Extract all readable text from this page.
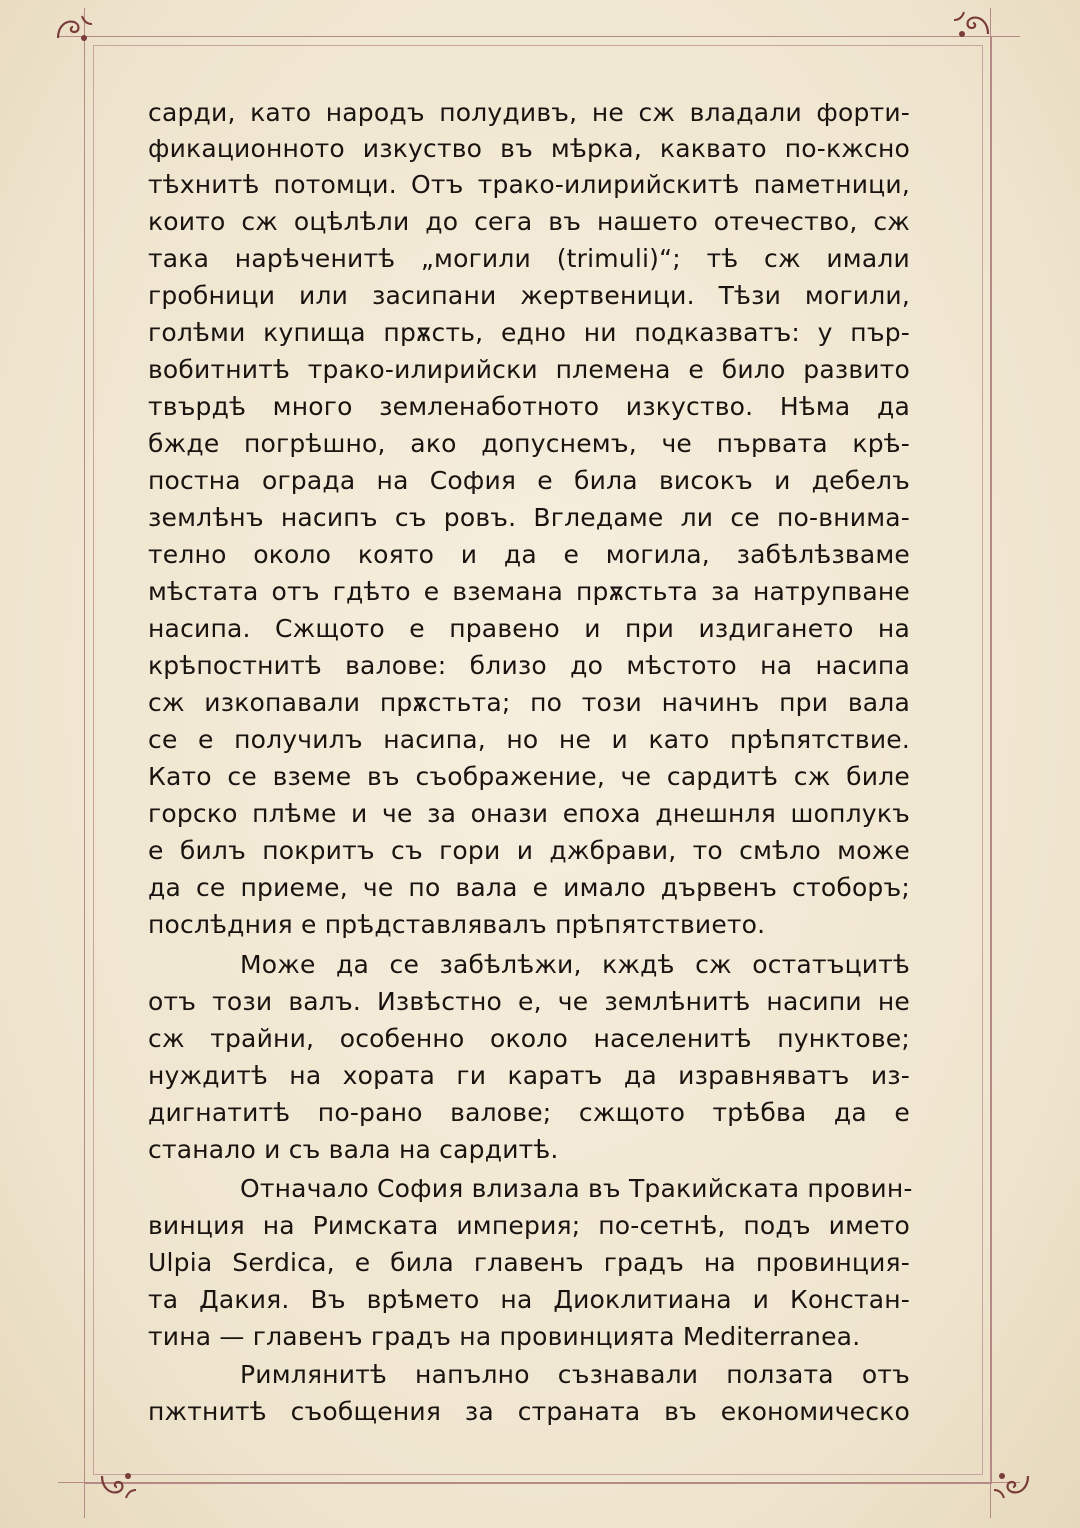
сарди, като народъ полудивъ, не сж владали форти-
фикационното изкуство въ мѣрка, каквато по-кжсно
тѣхнитѣ потомци. Отъ трако-илирийскитѣ паметници,
които сж оцѣлѣли до сега въ нашето отечество, сж
така нарѣченитѣ „могили (trimuli)“; тѣ сж имали
гробници или засипани жертвеници. Тѣзи могили,
голѣми купища прѫсть, едно ни подказватъ: у пър-
вобитнитѣ трако-илирийски племена е било развито
твърдѣ много земленаботното изкуство. Нѣма да
бжде погрѣшно, ако допуснемъ, че първата крѣ-
постна ограда на София е била високъ и дебелъ
землѣнъ насипъ съ ровъ. Вгледаме ли се по-внима-
телно около която и да е могила, забѣлѣзваме
мѣстата отъ гдѣто е вземана прѫстьта за натрупване
насипа. Сжщото е правено и при издигането на
крѣпостнитѣ валове: близо до мѣстото на насипа
сж изкопавали прѫстьта; по този начинъ при вала
се е получилъ насипа, но не и като прѣпятствие.
Като се вземе въ съображение, че сардитѣ сж биле
горско плѣме и че за онази епоха днешнля шоплукъ
е билъ покритъ съ гори и джбрави, то смѣло може
да се приеме, че по вала е имало дървенъ стоборъ;
послѣдния е прѣдставлявалъ прѣпятствието.
Може да се забѣлѣжи, кждѣ сж остатъцитѣ
отъ този валъ. Извѣстно е, че землѣнитѣ насипи не
сж трайни, особенно около населенитѣ пунктове;
нуждитѣ на хората ги каратъ да изравняватъ из-
дигнатитѣ по-рано валове; сжщото трѣбва да е
станало и съ вала на сардитѣ.
Отначало София влизала въ Тракийската провин-
винция на Римската империя; по-сетнѣ, подъ името
Ulpia Serdica, е била главенъ градъ на провинция-
та Дакия. Въ врѣмето на Диоклитиана и Констан-
тина — главенъ градъ на провинцията Mediterranea.
Римлянитѣ напълно съзнавали ползата отъ
пжтнитѣ съобщения за страната въ економическо
